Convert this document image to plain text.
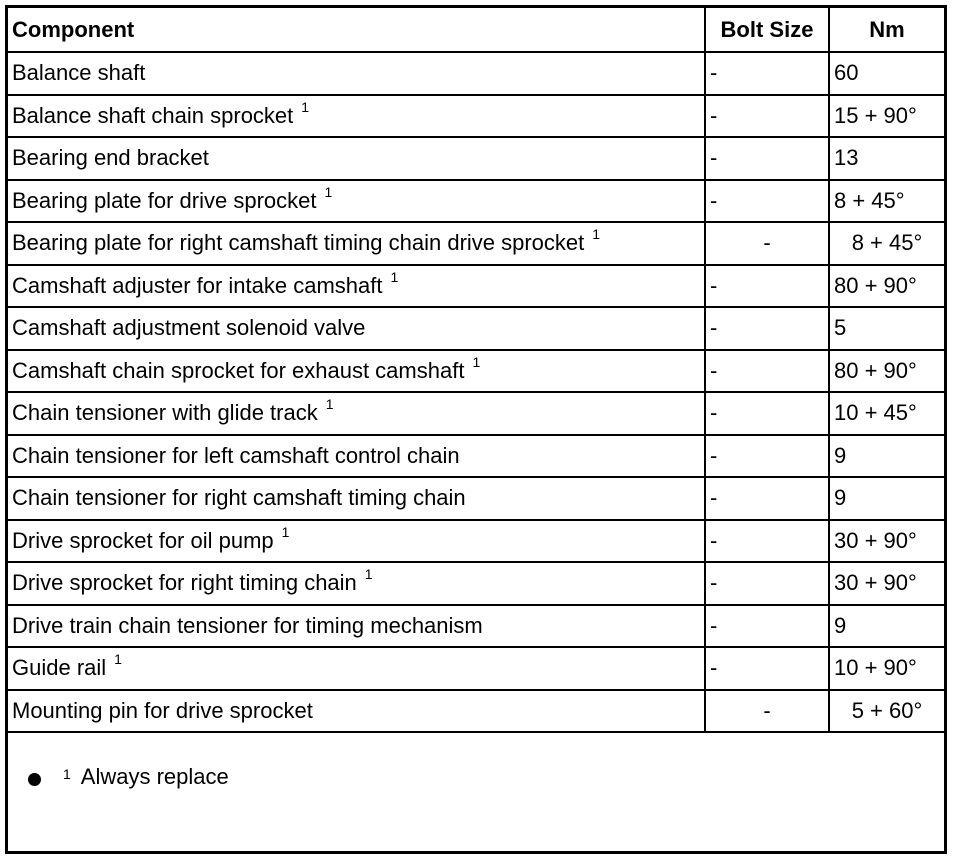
Component	Bolt Size	Nm
Balance shaft	-	60
Balance shaft chain sprocket $^1$	-	15 + 90°
Bearing end bracket	-	13
Bearing plate for drive sprocket $^1$	-	8 + 45°
Bearing plate for right camshaft timing chain drive sprocket $^1$	-	8 + 45°
Camshaft adjuster for intake camshaft $^1$	-	80 + 90°
Camshaft adjustment solenoid valve	-	5
Camshaft chain sprocket for exhaust camshaft $^1$	-	80 + 90°
Chain tensioner with glide track $^1$	-	10 + 45°
Chain tensioner for left camshaft control chain	-	9
Chain tensioner for right camshaft timing chain	-	9
Drive sprocket for oil pump $^1$	-	30 + 90°
Drive sprocket for right timing chain $^1$	-	30 + 90°
Drive train chain tensioner for timing mechanism	-	9
Guide rail $^1$	-	10 + 90°
Mounting pin for drive sprocket	-	5 + 60°
1 Always replace
